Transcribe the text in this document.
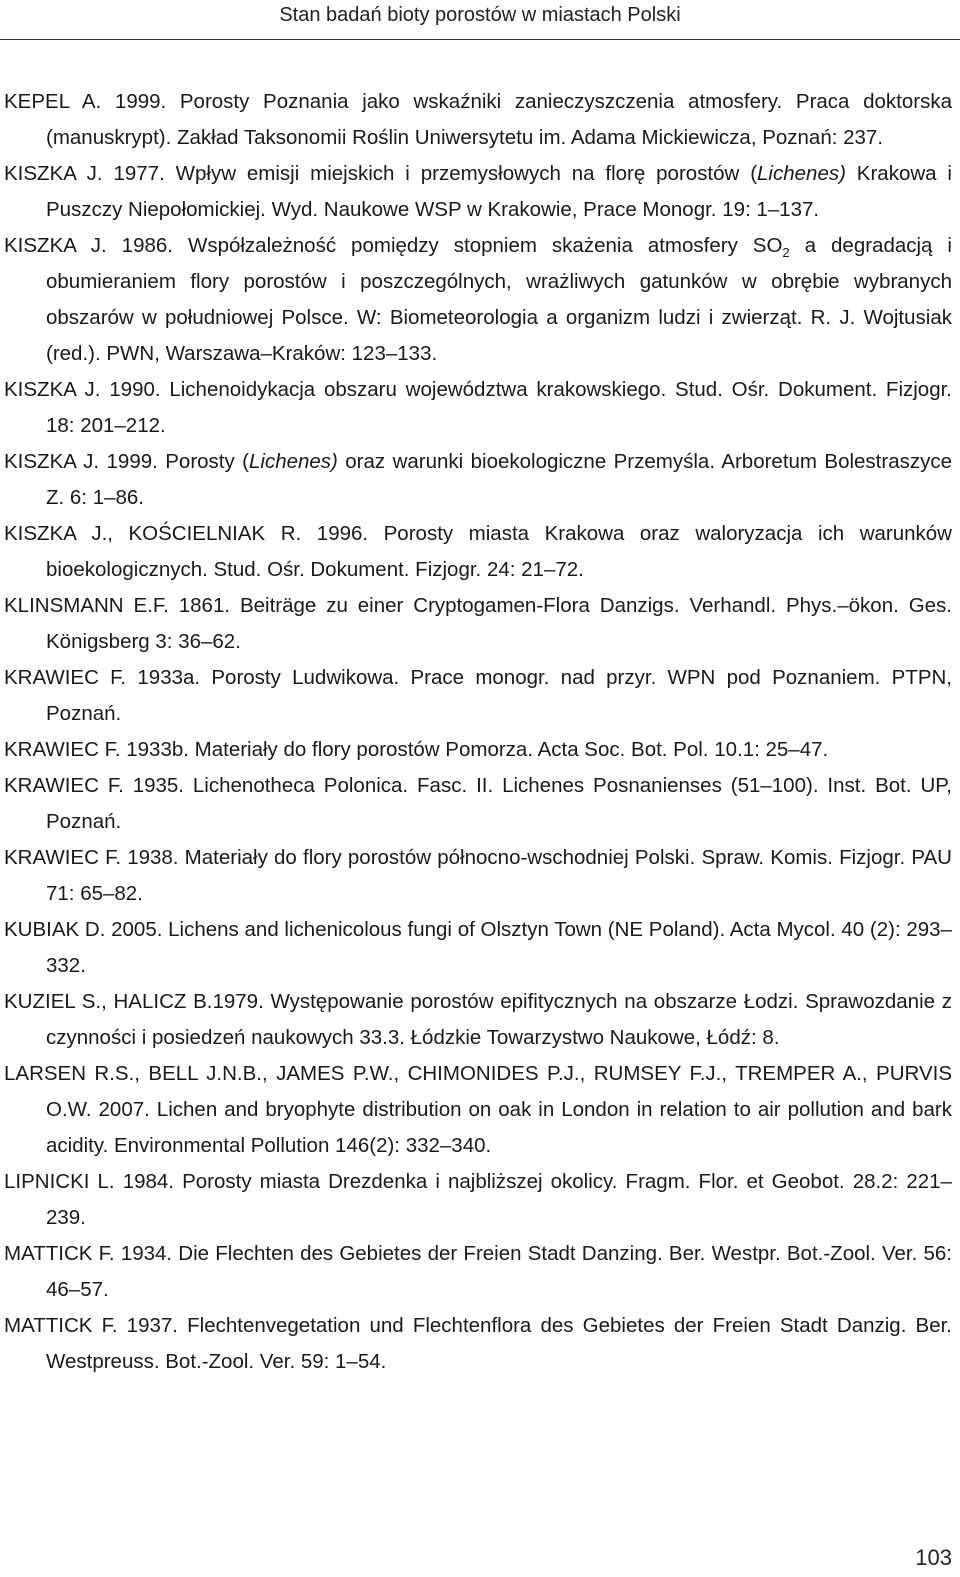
Stan badań bioty porostów w miastach Polski
KEPEL A. 1999. Porosty Poznania jako wskaźniki zanieczyszczenia atmosfery. Praca doktorska (manuskrypt). Zakład Taksonomii Roślin Uniwersytetu im. Adama Mickiewicza, Poznań: 237.
KISZKA J. 1977. Wpływ emisji miejskich i przemysłowych na florę porostów (Lichenes) Krakowa i Puszczy Niepołomickiej. Wyd. Naukowe WSP w Krakowie, Prace Monogr. 19: 1–137.
KISZKA J. 1986. Współzależność pomiędzy stopniem skażenia atmosfery $SO_2$ a degradacją i obumieraniem flory porostów i poszczególnych, wrażliwych gatunków w obrębie wybranych obszarów w południowej Polsce. W: Biometeorologia a organizm ludzi i zwierząt. R. J. Wojtusiak (red.). PWN, Warszawa–Kraków: 123–133.
KISZKA J. 1990. Lichenoidykacja obszaru województwa krakowskiego. Stud. Ośr. Dokument. Fizjogr. 18: 201–212.
KISZKA J. 1999. Porosty (Lichenes) oraz warunki bioekologiczne Przemyśla. Arboretum Bolestraszyce Z. 6: 1–86.
KISZKA J., KOŚCIELNIAK R. 1996. Porosty miasta Krakowa oraz waloryzacja ich warunków bioekologicznych. Stud. Ośr. Dokument. Fizjogr. 24: 21–72.
KLINSMANN E.F. 1861. Beiträge zu einer Cryptogamen-Flora Danzigs. Verhandl. Phys.–ökon. Ges. Königsberg 3: 36–62.
KRAWIEC F. 1933a. Porosty Ludwikowa. Prace monogr. nad przyr. WPN pod Poznaniem. PTPN, Poznań.
KRAWIEC F. 1933b. Materiały do flory porostów Pomorza. Acta Soc. Bot. Pol. 10.1: 25–47.
KRAWIEC F. 1935. Lichenotheca Polonica. Fasc. II. Lichenes Posnanienses (51–100). Inst. Bot. UP, Poznań.
KRAWIEC F. 1938. Materiały do flory porostów północno-wschodniej Polski. Spraw. Komis. Fizjogr. PAU 71: 65–82.
KUBIAK D. 2005. Lichens and lichenicolous fungi of Olsztyn Town (NE Poland). Acta Mycol. 40 (2): 293–332.
KUZIEL S., HALICZ B.1979. Występowanie porostów epifitycznych na obszarze Łodzi. Sprawozdanie z czynności i posiedzeń naukowych 33.3. Łódzkie Towarzystwo Naukowe, Łódź: 8.
LARSEN R.S., BELL J.N.B., JAMES P.W., CHIMONIDES P.J., RUMSEY F.J., TREMPER A., PURVIS O.W. 2007. Lichen and bryophyte distribution on oak in London in relation to air pollution and bark acidity. Environmental Pollution 146(2): 332–340.
LIPNICKI L. 1984. Porosty miasta Drezdenka i najbliższej okolicy. Fragm. Flor. et Geobot. 28.2: 221–239.
MATTICK F. 1934. Die Flechten des Gebietes der Freien Stadt Danzing. Ber. Westpr. Bot.-Zool. Ver. 56: 46–57.
MATTICK F. 1937. Flechtenvegetation und Flechtenflora des Gebietes der Freien Stadt Danzig. Ber. Westpreuss. Bot.-Zool. Ver. 59: 1–54.
103
